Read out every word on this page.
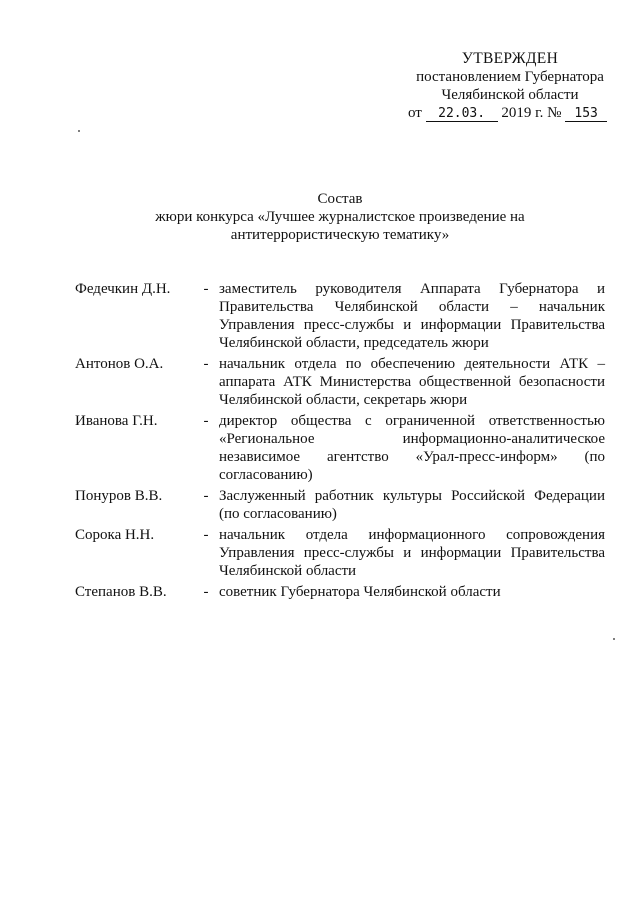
УТВЕРЖДЕН
постановлением Губернатора
Челябинской области
от 22.03. 2019 г. № 153
Состав
жюри конкурса «Лучшее журналистское произведение на антитеррористическую тематику»
Федечкин Д.Н.	- заместитель руководителя Аппарата Губернатора и Правительства Челябинской области – начальник Управления пресс-службы и информации Правительства Челябинской области, председатель жюри
Антонов О.А.	- начальник отдела по обеспечению деятельности АТК – аппарата АТК Министерства общественной безопасности Челябинской области, секретарь жюри
Иванова Г.Н.	- директор общества с ограниченной ответственностью «Региональное информационно-аналитическое независимое агентство «Урал-пресс-информ» (по согласованию)
Понуров В.В.	- Заслуженный работник культуры Российской Федерации (по согласованию)
Сорока Н.Н.	- начальник отдела информационного сопровождения Управления пресс-службы и информации Правительства Челябинской области
Степанов В.В.	- советник Губернатора Челябинской области
